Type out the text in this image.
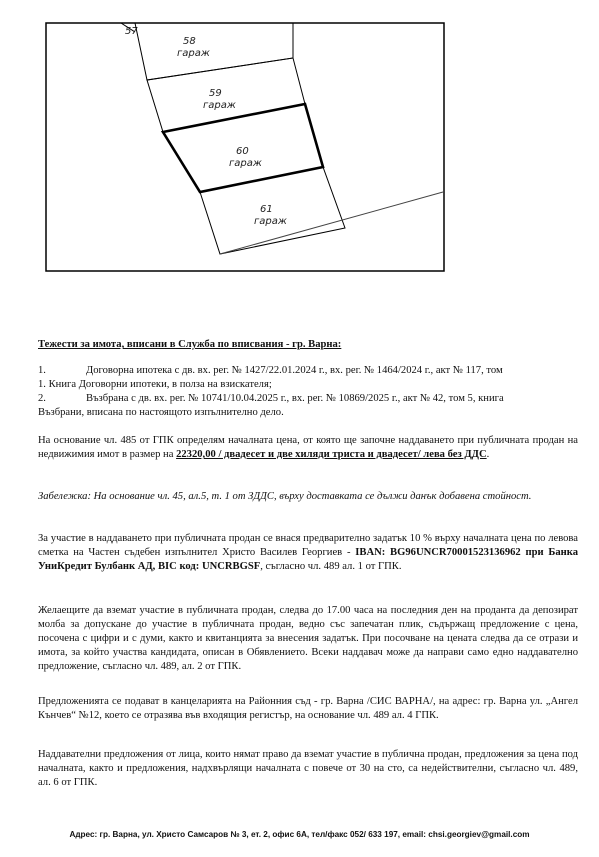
57
58
гараж
59
гараж
60
гараж
61
гараж
Тежести за имота, вписани в Служба по вписвания - гр. Варна:
1.	Договорна ипотека с дв. вх. рег. № 1427/22.01.2024 г., вх. рег. № 1464/2024 г., акт № 117, том
1. Книга Договорни ипотеки, в полза на взискателя;
2.	Възбрана с дв. вх. рег. № 10741/10.04.2025 г., вх. рег. № 10869/2025 г., акт № 42, том 5, книга
Възбрани, вписана по настоящото изпълнително дело.
На основание чл. 485 от ГПК определям началната цена, от която ще започне наддаването при публичната продан на недвижимия имот в размер на 22320,00 / двадесет и две хиляди триста и двадесет/ лева без ДДС.
Забележка: На основание чл. 45, ал.5, т. 1 от ЗДДС, върху доставката се дължи данък добавена стойност.
За участие в наддаването при публичната продан се внася предварително задатък 10 % върху началната цена по левова сметка на Частен съдебен изпълнител Христо Василев Георгиев - IBAN: BG96UNCR70001523136962 при Банка УниКредит Булбанк АД, BIC код: UNCRBGSF, съгласно чл. 489 ал. 1 от ГПК.
Желаещите да вземат участие в публичната продан, следва до 17.00 часа на последния ден на проданта да депозират молба за допускане до участие в публичната продан, ведно със запечатан плик, съдържащ предложение с цена, посочена с цифри и с думи, както и квитанцията за внесения задатък. При посочване на цената следва да се отрази и имота, за който участва кандидата, описан в Обявлението. Всеки наддавач може да направи само едно наддавателно предложение, съгласно чл. 489, ал. 2 от ГПК.
Предложенията се подават в канцеларията на Районния съд - гр. Варна /СИС ВАРНА/, на адрес: гр. Варна ул. „Ангел Кънчев“ №12, което се отразява във входящия регистър, на основание чл. 489 ал. 4 ГПК.
Наддавателни предложения от лица, които нямат право да вземат участие в публична продан, предложения за цена под началната, както и предложения, надхвърлящи началната с повече от 30 на сто, са недействителни, съгласно чл. 489, ал. 6 от ГПК.
Адрес: гр. Варна, ул. Христо Самсаров № 3, ет. 2, офис 6А, тел/факс 052/ 633 197, email: chsi.georgiev@gmail.com
